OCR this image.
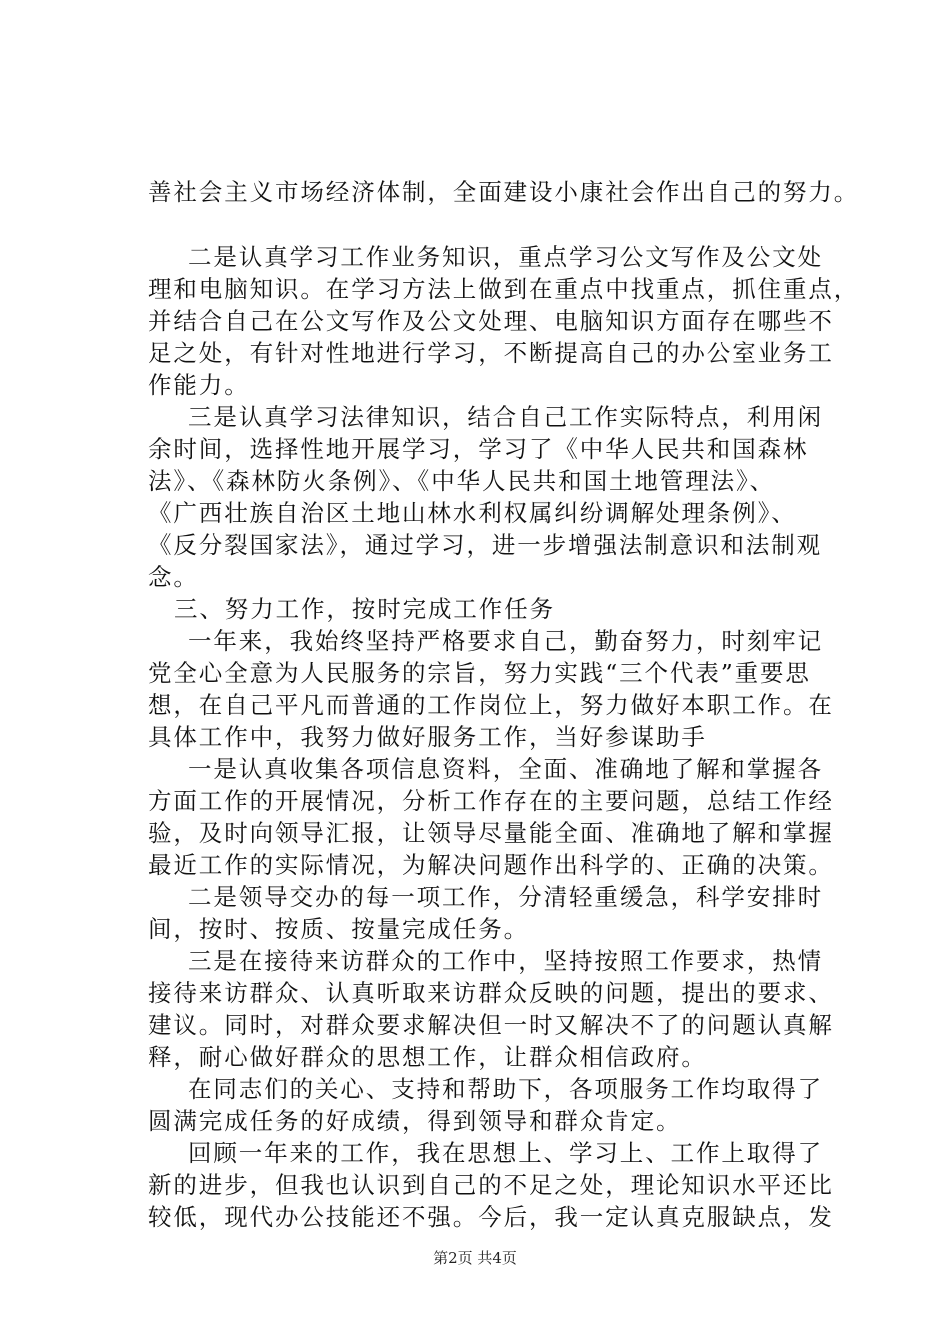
善社会主义市场经济体制，全面建设小康社会作出自己的努力。
二是认真学习工作业务知识，重点学习公文写作及公文处
理和电脑知识。在学习方法上做到在重点中找重点，抓住重点，
并结合自己在公文写作及公文处理、电脑知识方面存在哪些不
足之处，有针对性地进行学习，不断提高自己的办公室业务工
作能力。
三是认真学习法律知识，结合自己工作实际特点，利用闲
余时间，选择性地开展学习，学习了《中华人民共和国森林
法》、《森林防火条例》、《中华人民共和国土地管理法》、
《广西壮族自治区土地山林水利权属纠纷调解处理条例》、
《反分裂国家法》，通过学习，进一步增强法制意识和法制观
念。
三、努力工作，按时完成工作任务
一年来，我始终坚持严格要求自己，勤奋努力，时刻牢记
党全心全意为人民服务的宗旨，努力实践“三个代表”重要思
想，在自己平凡而普通的工作岗位上，努力做好本职工作。在
具体工作中，我努力做好服务工作，当好参谋助手
一是认真收集各项信息资料，全面、准确地了解和掌握各
方面工作的开展情况，分析工作存在的主要问题，总结工作经
验，及时向领导汇报，让领导尽量能全面、准确地了解和掌握
最近工作的实际情况，为解决问题作出科学的、正确的决策。
二是领导交办的每一项工作，分清轻重缓急，科学安排时
间，按时、按质、按量完成任务。
三是在接待来访群众的工作中，坚持按照工作要求，热情
接待来访群众、认真听取来访群众反映的问题，提出的要求、
建议。同时，对群众要求解决但一时又解决不了的问题认真解
释，耐心做好群众的思想工作，让群众相信政府。
在同志们的关心、支持和帮助下，各项服务工作均取得了
圆满完成任务的好成绩，得到领导和群众肯定。
回顾一年来的工作，我在思想上、学习上、工作上取得了
新的进步，但我也认识到自己的不足之处，理论知识水平还比
较低，现代办公技能还不强。今后，我一定认真克服缺点，发
第2页 共4页
